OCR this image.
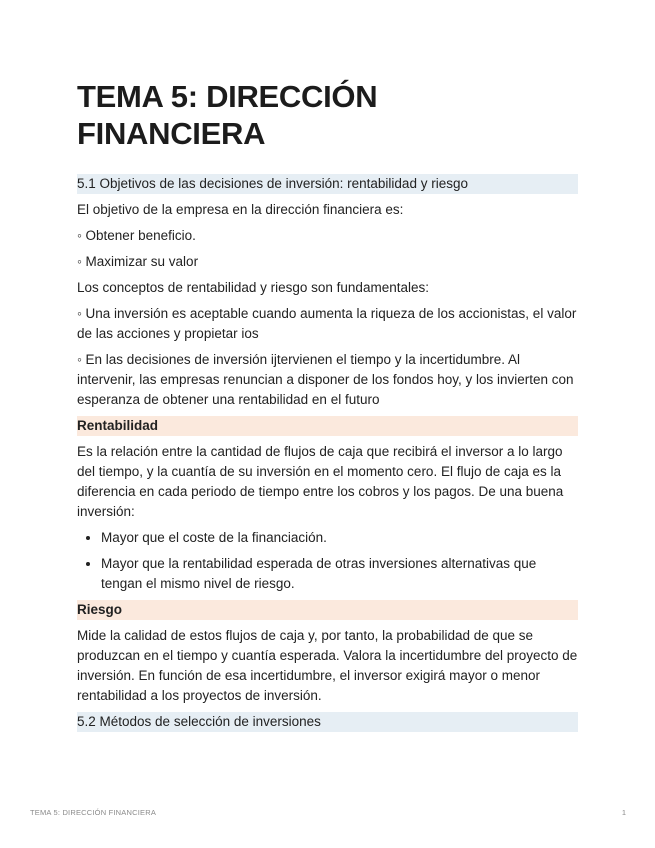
TEMA 5: DIRECCIÓN
FINANCIERA
5.1 Objetivos de las decisiones de inversión: rentabilidad y riesgo

El objetivo de la empresa en la dirección financiera es:

◦ Obtener beneficio.

◦ Maximizar su valor

Los conceptos de rentabilidad y riesgo son fundamentales:

◦ Una inversión es aceptable cuando aumenta la riqueza de los accionistas, el valor de las acciones y propietar ios

◦ En las decisiones de inversión ijtervienen el tiempo y la incertidumbre. Al intervenir, las empresas renuncian a disponer de los fondos hoy, y los invierten con esperanza de obtener una rentabilidad en el futuro

Rentabilidad

Es la relación entre la cantidad de flujos de caja que recibirá el inversor a lo largo del tiempo, y la cuantía de su inversión en el momento cero. El flujo de caja es la diferencia en cada periodo de tiempo entre los cobros y los pagos. De una buena inversión:

• Mayor que el coste de la financiación.
• Mayor que la rentabilidad esperada de otras inversiones alternativas que tengan el mismo nivel de riesgo.
Riesgo

Mide la calidad de estos flujos de caja y, por tanto, la probabilidad de que se produzcan en el tiempo y cuantía esperada. Valora la incertidumbre del proyecto de inversión. En función de esa incertidumbre, el inversor exigirá mayor o menor rentabilidad a los proyectos de inversión.

5.2 Métodos de selección de inversiones
TEMA 5: DIRECCIÓN FINANCIERA	1
